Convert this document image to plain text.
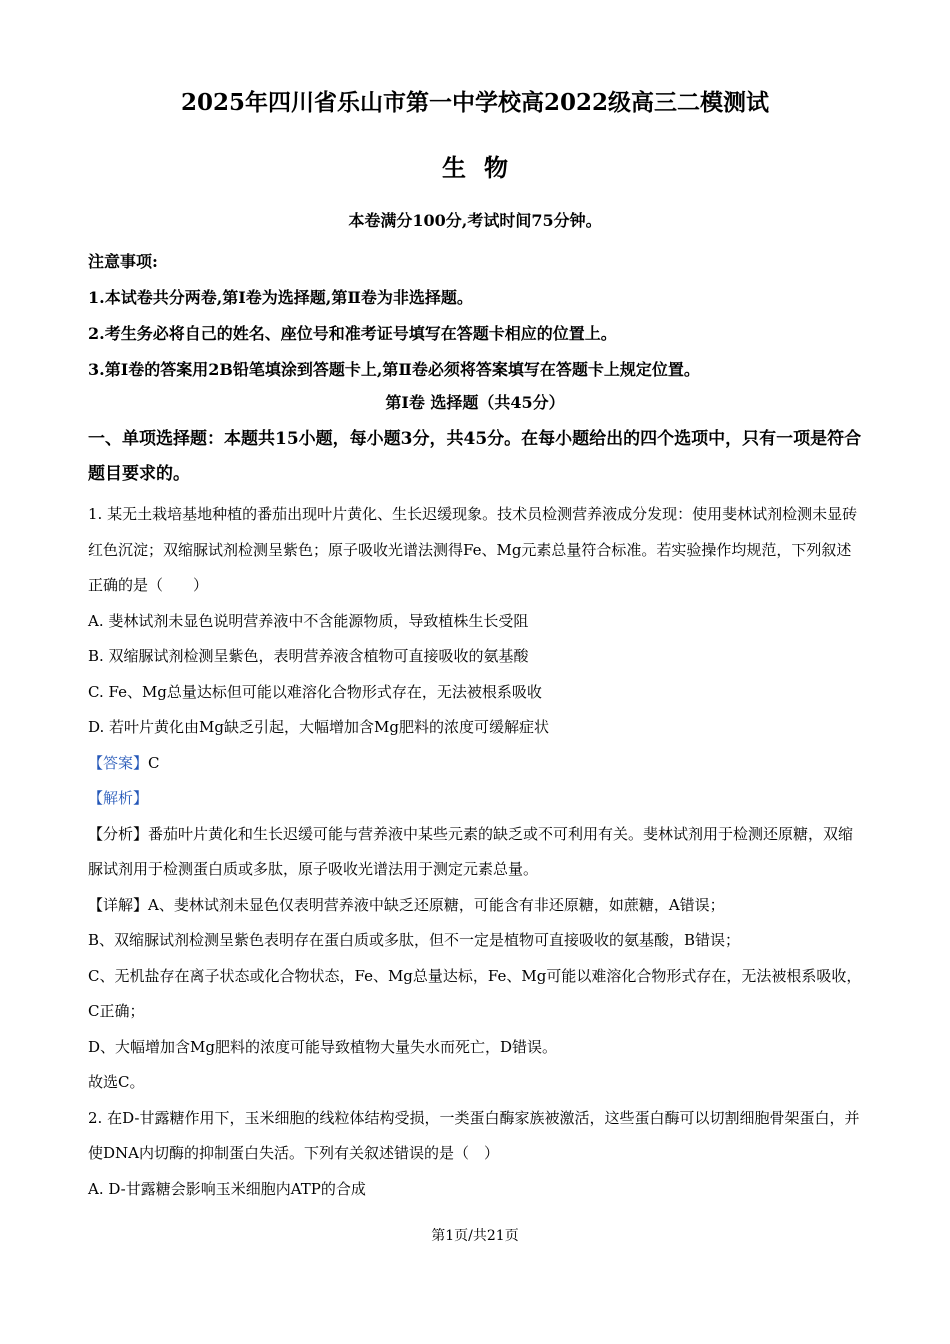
2025年四川省乐山市第一中学校高2022级高三二模测试
生物
本卷满分100分,考试时间75分钟。
注意事项:
1.本试卷共分两卷,第Ⅰ卷为选择题,第Ⅱ卷为非选择题。
2.考生务必将自己的姓名、座位号和准考证号填写在答题卡相应的位置上。
3.第Ⅰ卷的答案用2B铅笔填涂到答题卡上,第Ⅱ卷必须将答案填写在答题卡上规定位置。
第Ⅰ卷 选择题（共45分）
一、单项选择题：本题共15小题，每小题3分，共45分。在每小题给出的四个选项中，只有一项是符合题目要求的。

1. 某无土栽培基地种植的番茄出现叶片黄化、生长迟缓现象。技术员检测营养液成分发现：使用斐林试剂检测未显砖红色沉淀；双缩脲试剂检测呈紫色；原子吸收光谱法测得Fe、Mg元素总量符合标准。若实验操作均规范，下列叙述正确的是（　　）

A. 斐林试剂未显色说明营养液中不含能源物质，导致植株生长受阻

B. 双缩脲试剂检测呈紫色，表明营养液含植物可直接吸收的氨基酸

C. Fe、Mg总量达标但可能以难溶化合物形式存在，无法被根系吸收

D. 若叶片黄化由Mg缺乏引起，大幅增加含Mg肥料的浓度可缓解症状

【答案】C

【解析】

【分析】番茄叶片黄化和生长迟缓可能与营养液中某些元素的缺乏或不可利用有关。斐林试剂用于检测还原糖，双缩脲试剂用于检测蛋白质或多肽，原子吸收光谱法用于测定元素总量。

【详解】A、斐林试剂未显色仅表明营养液中缺乏还原糖，可能含有非还原糖，如蔗糖，A错误；

B、双缩脲试剂检测呈紫色表明存在蛋白质或多肽，但不一定是植物可直接吸收的氨基酸，B错误；

C、无机盐存在离子状态或化合物状态，Fe、Mg总量达标，Fe、Mg可能以难溶化合物形式存在，无法被根系吸收，C正确；

D、大幅增加含Mg肥料的浓度可能导致植物大量失水而死亡，D错误。

故选C。

2. 在D-甘露糖作用下，玉米细胞的线粒体结构受损，一类蛋白酶家族被激活，这些蛋白酶可以切割细胞骨架蛋白，并使DNA内切酶的抑制蛋白失活。下列有关叙述错误的是（　）

A. D-甘露糖会影响玉米细胞内ATP的合成

第1页/共21页
